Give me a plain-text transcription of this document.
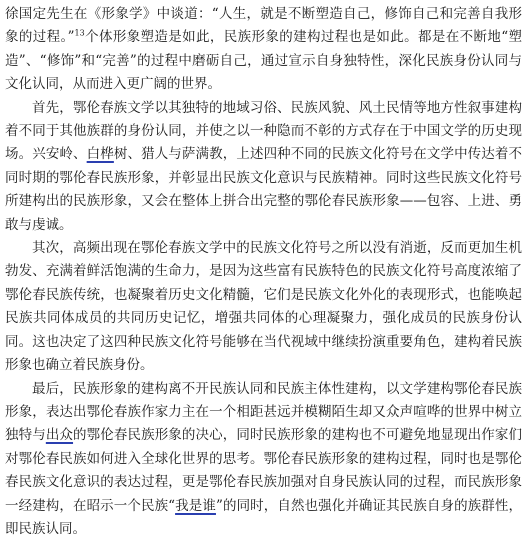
徐国定先生在《形象学》中谈道：“人生，就是不断塑造自己，修饰自己和完善自我形象的过程。”$^{13}$个体形象塑造是如此，民族形象的建构过程也是如此。都是在不断地“塑造”、“修饰”和“完善”的过程中磨砺自己，通过宣示自身独特性，深化民族身份认同与文化认同，从而进入更广阔的世界。

首先，鄂伦春族文学以其独特的地域习俗、民族风貌、风土民情等地方性叙事建构着不同于其他族群的身份认同，并使之以一种隐而不彰的方式存在于中国文学的历史现场。兴安岭、白桦树、猎人与萨满教，上述四种不同的民族文化符号在文学中传达着不同时期的鄂伦春民族形象，并彰显出民族文化意识与民族精神。同时这些民族文化符号所建构出的民族形象，又会在整体上拼合出完整的鄂伦春民族形象——包容、上进、勇敢与虔诚。

其次，高频出现在鄂伦春族文学中的民族文化符号之所以没有消逝，反而更加生机勃发、充满着鲜活饱满的生命力，是因为这些富有民族特色的民族文化符号高度浓缩了鄂伦春民族传统，也凝聚着历史文化精髓，它们是民族文化外化的表现形式，也能唤起民族共同体成员的共同历史记忆，增强共同体的心理凝聚力，强化成员的民族身份认同。这也决定了这四种民族文化符号能够在当代视域中继续扮演重要角色，建构着民族形象也确立着民族身份。

最后，民族形象的建构离不开民族认同和民族主体性建构，以文学建构鄂伦春民族形象，表达出鄂伦春族作家力主在一个相距甚远并模糊陌生却又众声喧哗的世界中树立独特与出众的鄂伦春民族形象的决心，同时民族形象的建构也不可避免地显现出作家们对鄂伦春民族如何进入全球化世界的思考。鄂伦春民族形象的建构过程，同时也是鄂伦春民族文化意识的表达过程，更是鄂伦春民族加强对自身民族认同的过程，而民族形象一经建构，在昭示一个民族“我是谁”的同时，自然也强化并确证其民族自身的族群性，即民族认同。
